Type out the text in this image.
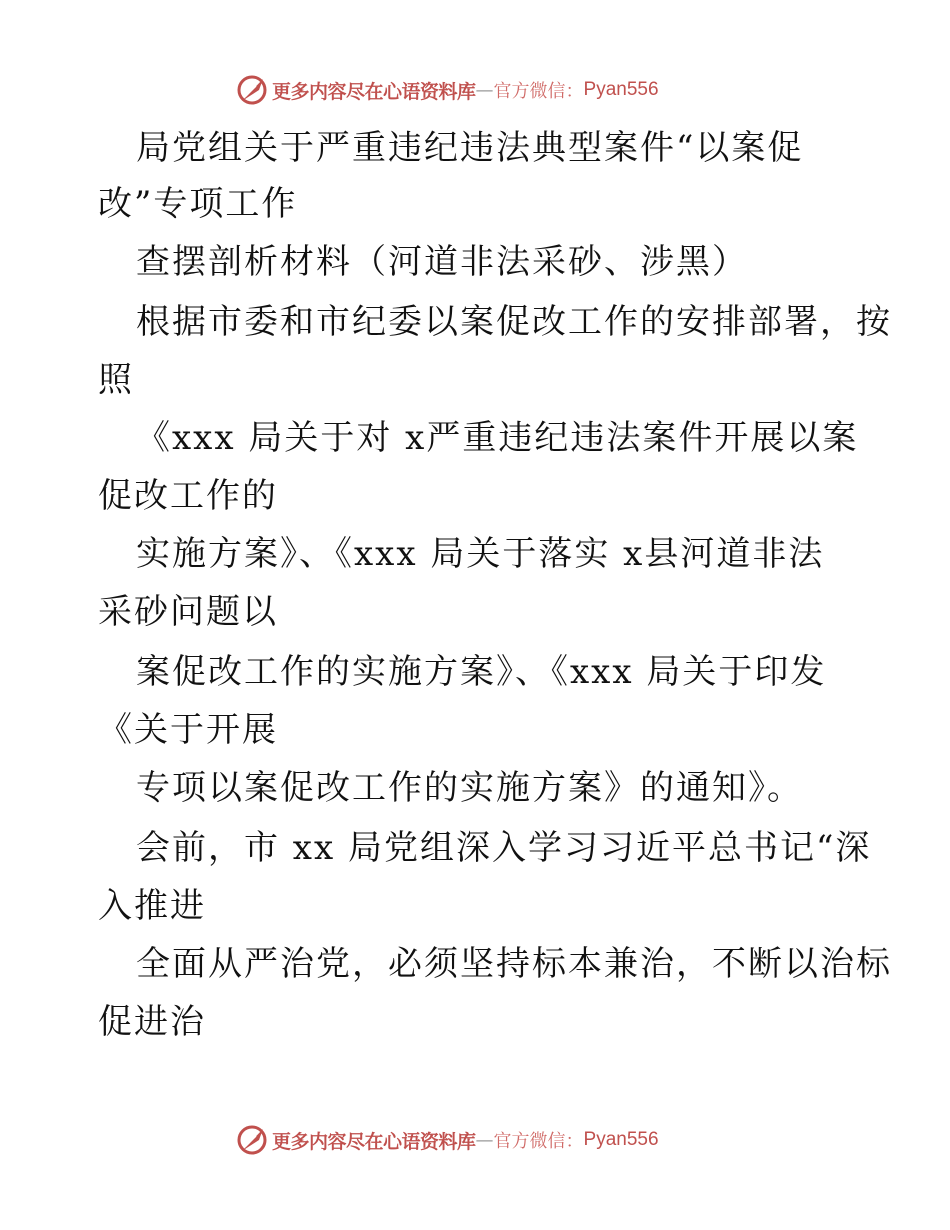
更多内容尽在心语资料库 — 官方微信： Pyan556
局党组关于严重违纪违法典型案件“以案促
改”专项工作
查摆剖析材料（河道非法采砂、涉黑）
根据市委和市纪委以案促改工作的安排部署，按
照
《xxx 局关于对 x严重违纪违法案件开展以案
促改工作的
实施方案》、《xxx 局关于落实 x县河道非法
采砂问题以
案促改工作的实施方案》、《xxx 局关于印发
《关于开展
专项以案促改工作的实施方案》的通知》。
会前，市 xx 局党组深入学习习近平总书记“深
入推进
全面从严治党，必须坚持标本兼治，不断以治标
促进治
更多内容尽在心语资料库 — 官方微信： Pyan556
